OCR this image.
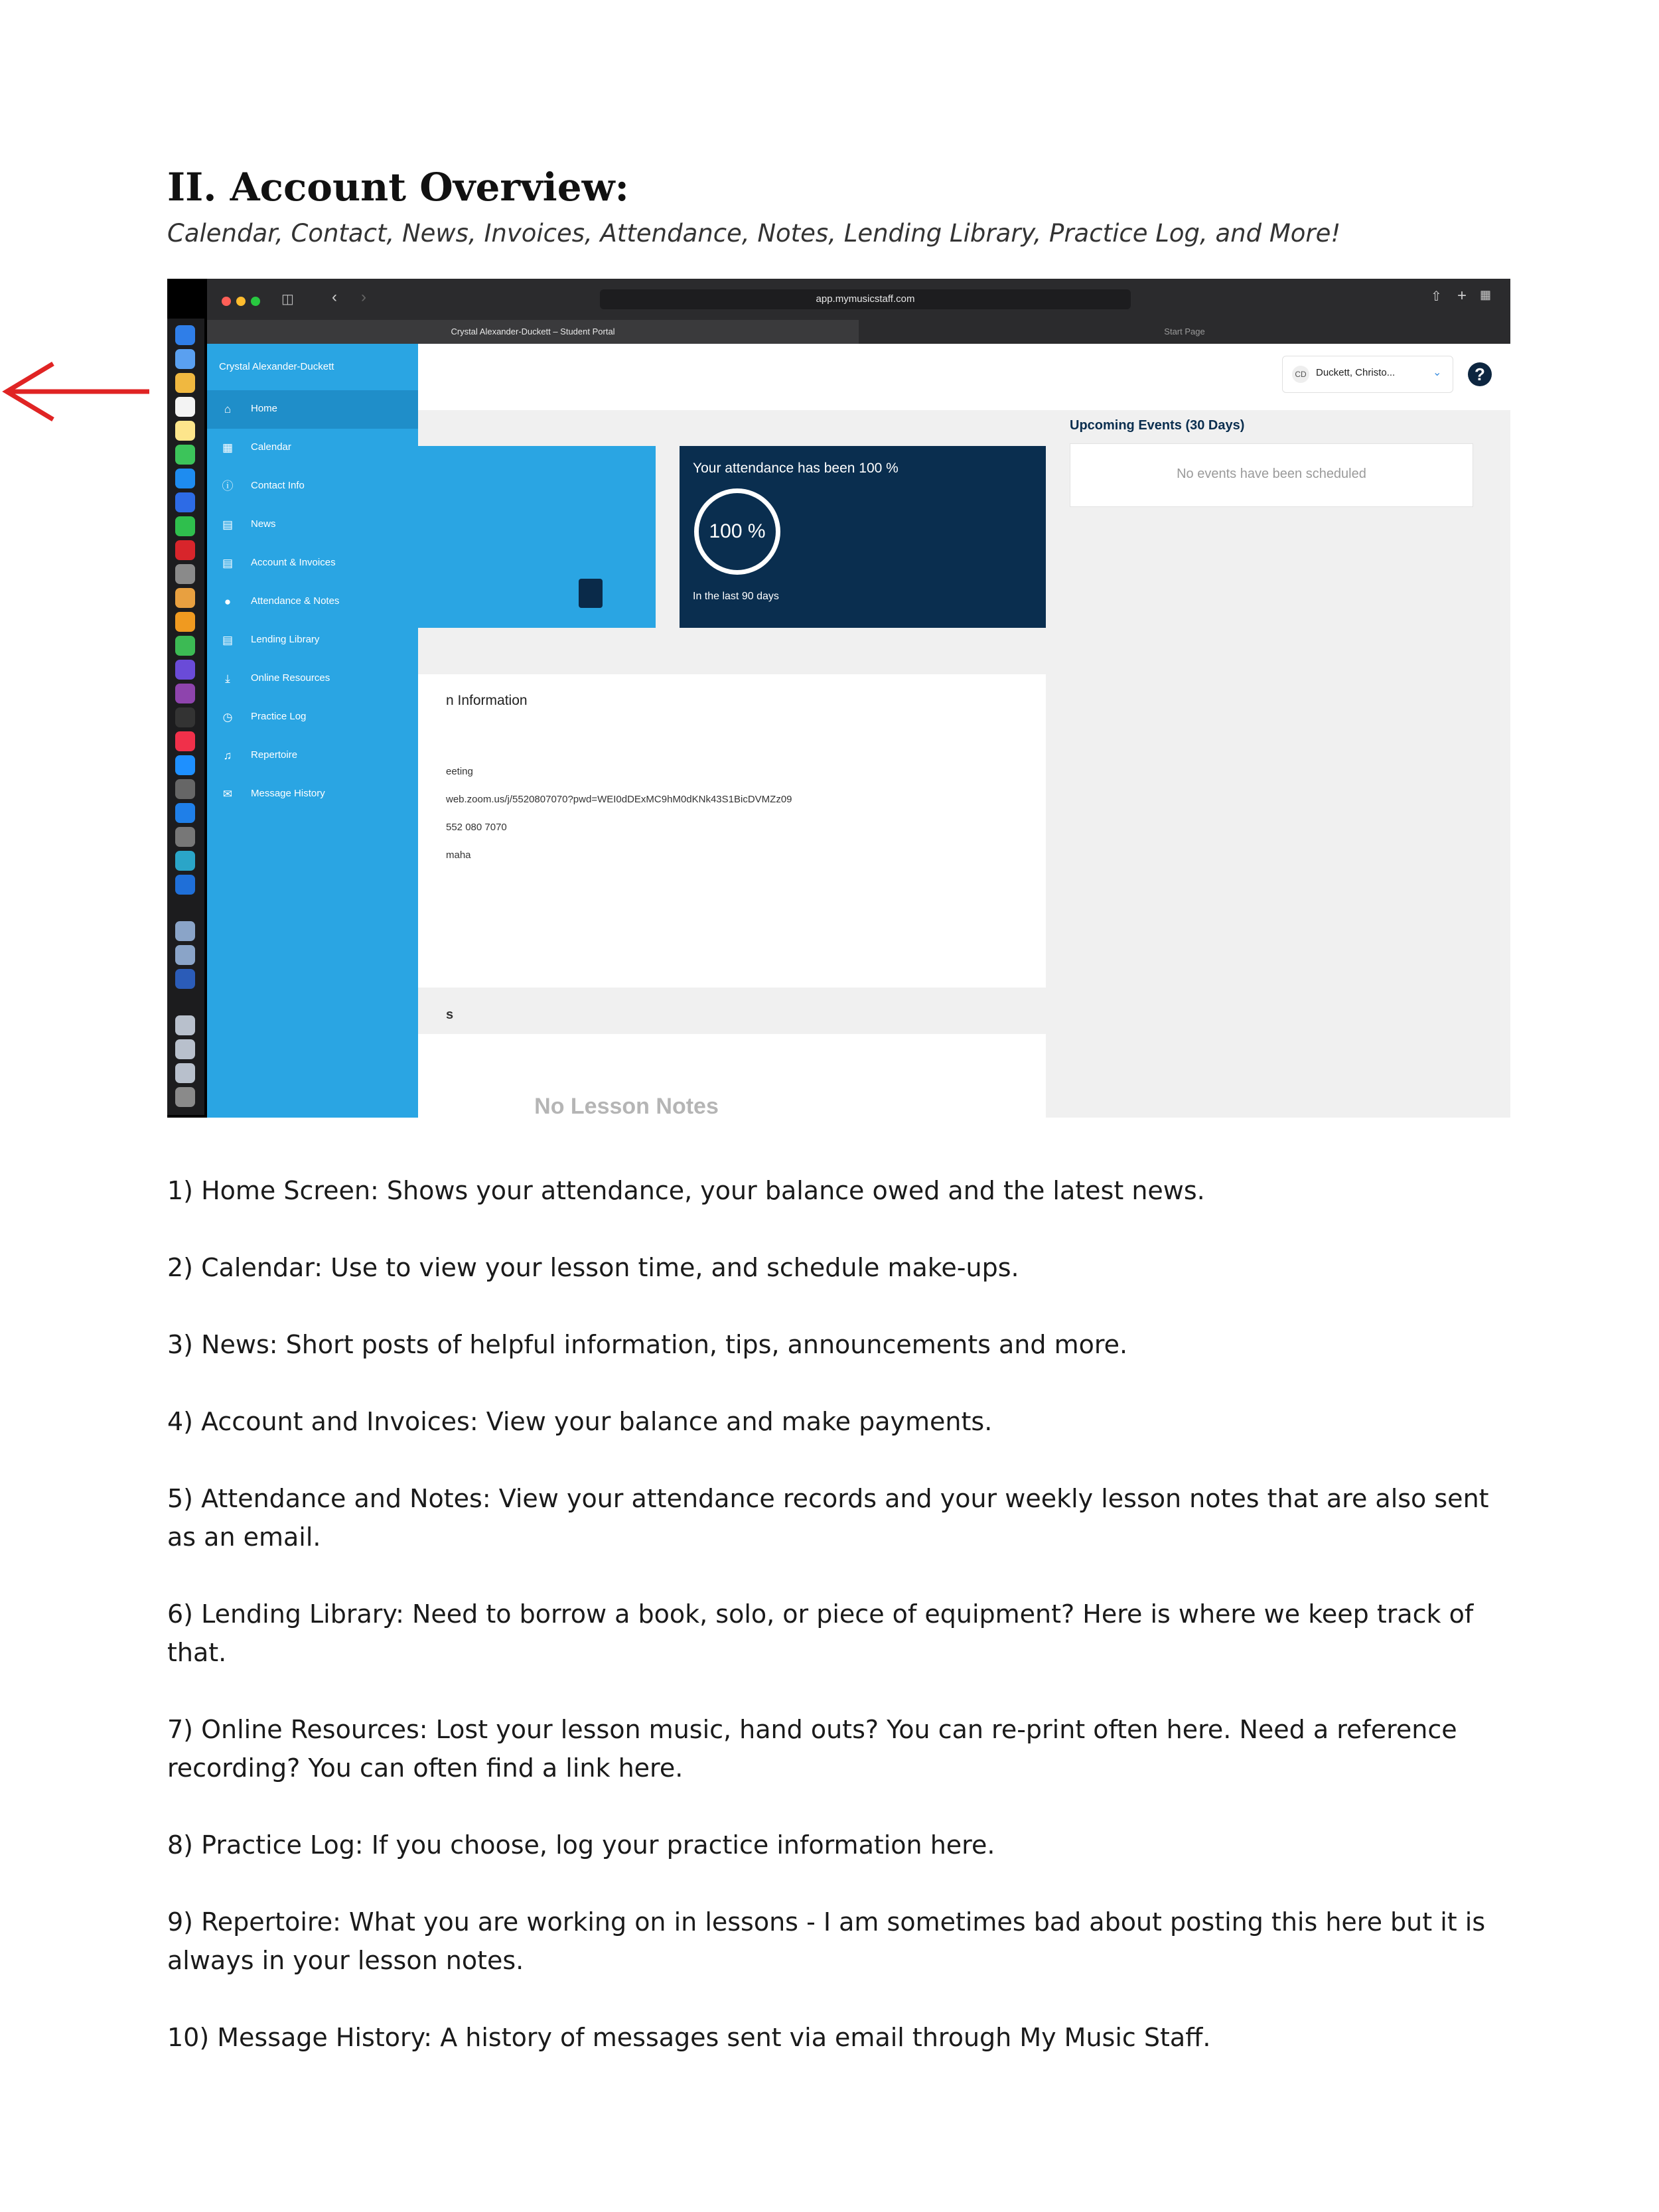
II. Account Overview:
Calendar, Contact, News, Invoices, Attendance, Notes, Lending Library, Practice Log, and More!
◫ ‹ ›	app.mymusicstaff.com	⇧ + ▦
Crystal Alexander-Duckett – Student Portal	Start Page
CD Duckett, Christo...	⌄	?
Your attendance has been 100 %
100 %
In the last 90 days
Upcoming Events (30 Days)
No events have been scheduled
n Information
eeting
web.zoom.us/j/5520807070?pwd=WEI0dDExMC9hM0dKNk43S1BicDVMZz09
552 080 7070
maha
s
No Lesson Notes
Crystal Alexander-Duckett
⌂	Home
▦ Calendar
ⓘ Contact Info
▤ News
▤ Account & Invoices
●	Attendance & Notes
▤ Lending Library
⤓	Online Resources
◷ Practice Log
♫	Repertoire
✉ Message History
1) Home Screen: Shows your attendance, your balance owed and the latest news.
2) Calendar: Use to view your lesson time, and schedule make-ups.
3) News: Short posts of helpful information, tips, announcements and more.
4) Account and Invoices: View your balance and make payments.
5) Attendance and Notes: View your attendance records and your weekly lesson notes that are also sent as an email.
6) Lending Library: Need to borrow a book, solo, or piece of equipment? Here is where we keep track of that.
7) Online Resources: Lost your lesson music, hand outs? You can re-print often here. Need a reference recording? You can often find a link here.
8) Practice Log: If you choose, log your practice information here.
9) Repertoire: What you are working on in lessons - I am sometimes bad about posting this here but it is always in your lesson notes.
10) Message History: A history of messages sent via email through My Music Staff.
